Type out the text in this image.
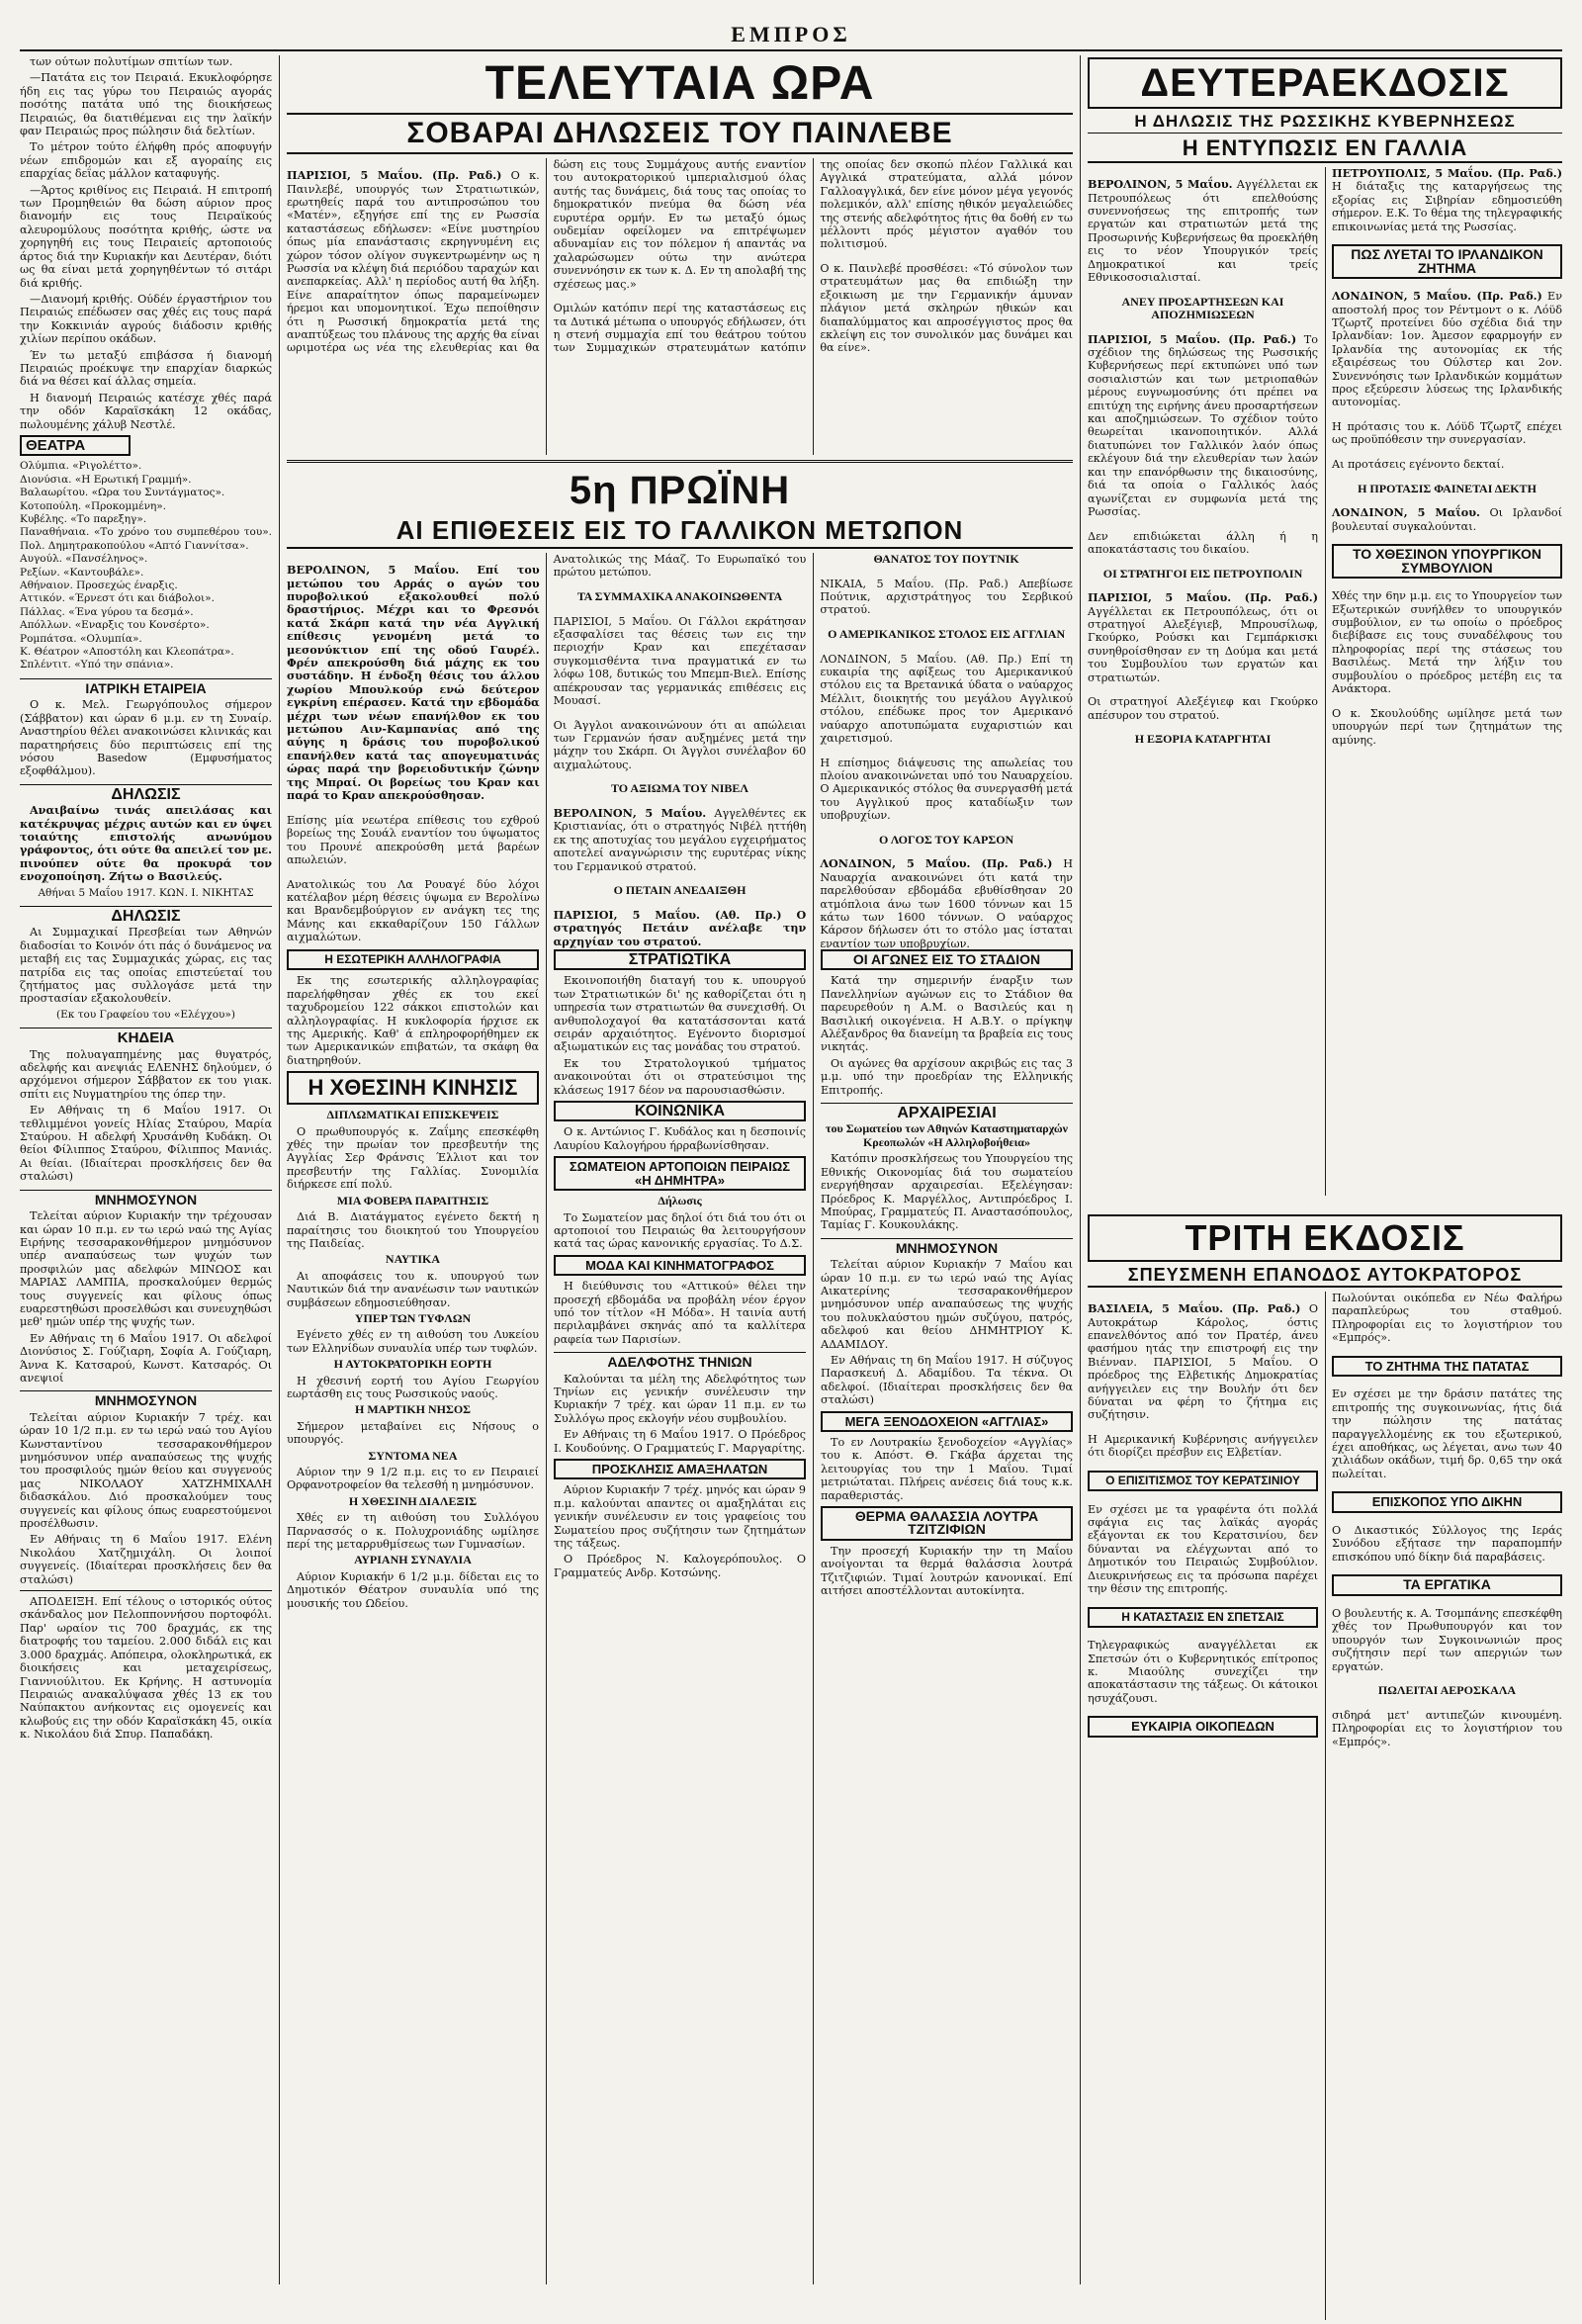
ΕΜΠΡΟΣ

των ούτων πολυτίμων σπιτίων των.

—Πατάτα εις τον Πειραιά. Εκυκλοφόρησε ήδη εις τας γύρω του Πειραιώς αγοράς ποσότης πατάτα υπό της διοικήσεως Πειραιώς, θα διατιθέμεναι εις την λαϊκήν φαν Πειραιώς προς πώλησιν διά δελτίων.

Το μέτρον τούτο έλήφθη πρός αποφυγήν νέων επιδρομών και εξ αγοραίης εις επαρχίας δεΐας μάλλον καταφυγής.

—Άρτος κριθίνος εις Πειραιά. Η επιτροπή των Προμηθειών θα δώση αύριον προς διανομήν εις τους Πειραϊκούς αλευρομύλους ποσότητα κριθής, ώστε να χορηγηθή εις τους Πειραιείς αρτοποιούς άρτος διά την Κυριακήν και Δευτέραν, διότι ως θα είναι μετά χορηγηθέντων τό σιτάρι διά κριθής.

—Διανομή κριθής. Ούδέν έργαστήριον του Πειραιώς επέδωσεν σας χθές εις τους παρά την Κοκκινιάν αγρούς διάδοσιν κριθής χιλίων περίπου οκάδων.

Έν τω μεταξύ επιβάσσα ή διανομή Πειραιώς προέκυψε την επαρχίαν διαρκώς διά να θέσει καί άλλας σημεία.

Η διανομή Πειραιώς κατέσχε χθές παρά την οδόν Καραϊσκάκη 12 οκάδας, πωλουμένης χάλυβ Νεστλέ.

ΘΕΑΤΡΑ
Ολύμπια. «Ριγολέττο».
Διονύσια. «Η Ερωτική Γραμμή».
Βαλαωρίτου. «Ωρα του Συντάγματος».
Κοτοπούλη. «Προκομμένη».
Κυβέλης. «Το παρεξηγ».
Παναθήναια. «Το χρόνο του συμπεθέρου του». Πολ. Δημητρακοπούλου «Απτό Γιαννίτσα».
Αυγούλ. «Πανσέληνος».
Ρεξίων. «Καντουβάλε».
Αθήναιον. Προσεχώς έναρξις.
Αττικόν. «Έρνεστ ότι και διάβολοι».
Πάλλας. «Ένα γύρου τα δεσμά».
Απόλλων. «Εναρξις του Κονσέρτο».
Ρομπάτσα. «Ολυμπία».
Κ. Θέατρον «Αποστόλη και Κλεοπάτρα».
Σπλέντιτ. «Υπό την σπάνια».
ΙΑΤΡΙΚΗ ΕΤΑΙΡΕΙΑ

Ο κ. Μελ. Γεωργόπουλος σήμερον (Σάββατον) και ώραν 6 μ.μ. εν τη Συναίρ. Αναστηρίου θέλει ανακοινώσει κλινικάς και παρατηρήσεις δύο περιπτώσεις επί της νόσου Basedow (Εμφυσήματος εξοφθάλμου).

ΔΗΛΩΣΙΣ

Αναιβαίνω τινάς απειλάσας και κατέκρυψας μέχρις αυτών και εν ύψει τοιαύτης επιστολής ανωνύμου γράφοντος, ότι ούτε θα απειλεί τον με. πινούπεν ούτε θα προκυρά τον ενοχοποίηση. Ζήτω ο Βασιλεύς.

Αθήναι 5 Μαΐου 1917. ΚΩΝ. Ι. ΝΙΚΗΤΑΣ
ΔΗΛΩΣΙΣ

Αι Συμμαχικαί Πρεσβείαι των Αθηνών διαδοσίαι το Κοινόν ότι πάς ό δυνάμενος να μεταβή εις τας Συμμαχικάς χώρας, εις τας πατρίδα εις τας οποίας επιστεύεταί του ζητήματος μας συλλογάσε μετά την προστασίαν εξακολουθείν.

(Εκ του Γραφείου του «Ελέγχου»)
ΚΗΔΕΙΑ

Της πολυαγαπημένης μας θυγατρός, αδελφής και ανεψιάς ΕΛΕΝΗΣ δηλούμεν, ό αρχόμενοι σήμερον Σάββατον εκ του γιακ. σπίτι εις Νυγματηρίου της όπερ την.

Εν Αθήναις τη 6 Μαΐου 1917. Οι τεθλιμμένοι γονείς Ηλίας Σταύρου, Μαρία Σταύρου. Η αδελφή Χρυσάνθη Κυδάκη. Οι θείοι Φίλιππος Σταύρου, Φίλιππος Μανιάς. Αι θείαι. (Ιδιαίτεραι προσκλήσεις δεν θα σταλώσι)

ΜΝΗΜΟΣΥΝΟΝ

Τελείται αύριον Κυριακήν την τρέχουσαν και ώραν 10 π.μ. εν τω ιερώ ναώ της Αγίας Ειρήνης τεσσαρακονθήμερον μνημόσυνον υπέρ αναπαύσεως των ψυχών των προσφιλών μας αδελφών ΜΙΝΩΟΣ και ΜΑΡΙΑΣ ΛΑΜΠΙΑ, προσκαλούμεν θερμώς τους συγγενείς και φίλους όπως ευαρεστηθώσι προσελθώσι και συνευχηθώσι μεθ' ημών υπέρ της ψυχής των.

Εν Αθήναις τη 6 Μαΐου 1917. Οι αδελφοί Διονύσιος Σ. Γούζιαρη, Σοφία Α. Γούζιαρη, Άννα Κ. Κατσαρού, Κωνστ. Κατσαρός. Οι ανεψιοί

ΜΝΗΜΟΣΥΝΟΝ

Τελείται αύριον Κυριακήν 7 τρέχ. και ώραν 10 1/2 π.μ. εν τω ιερώ ναώ του Αγίου Κωνσταντίνου τεσσαρακονθήμερον μνημόσυνον υπέρ αναπαύσεως της ψυχής του προσφιλούς ημών θείου και συγγενούς μας ΝΙΚΟΛΑΟΥ ΧΑΤΖΗΜΙΧΑΛΗ διδασκάλου. Διό προσκαλούμεν τους συγγενείς και φίλους όπως ευαρεστούμενοι προσέλθωσιν.

Εν Αθήναις τη 6 Μαΐου 1917. Ελένη Νικολάου Χατζημιχάλη. Οι λοιποί συγγενείς. (Ιδιαίτεραι προσκλήσεις δεν θα σταλώσι)

ΑΠΟΔΕΙΞΗ. Επί τέλους ο ιστορικός ούτος σκάνδαλος μον Πελοπποννήσου πορτοφόλι. Παρ' ωραίον τις 700 δραχμάς, εκ της διατροφής του ταμείου. 2.000 διδάλ εις και 3.000 δραχμάς. Απόπειρα, ολοκληρωτικά, εκ διοικήσεις και μεταχειρίσεως, Γιαννιούλιτου. Εκ Κρήνης. Η αστυνομία Πειραιώς ανακαλύψασα χθές 13 εκ του Ναύπακτου ανήκοντας εις ομογενείς και κλωβούς εις την οδόν Καραϊσκάκη 45, οικία κ. Νικολάου διά Σπυρ. Παπαδάκη.

ΤΕΛΕΥΤΑΙΑ ΩΡΑ
ΣΟΒΑΡΑΙ ΔΗΛΩΣΕΙΣ ΤΟΥ ΠΑΙΝΛΕΒΕ

ΠΑΡΙΣΙΟΙ, 5 Μαΐου. (Πρ. Ραδ.) Ο κ. Παινλεβέ, υπουργός των Στρατιωτικών, ερωτηθείς παρά του αντιπροσώπου του «Ματέν», εξηγήσε επί της εν Ρωσσία καταστάσεως εδήλωσεν: «Είνε μυστηρίου όπως μία επανάστασις εκρηγνυμένη εις χώρον τόσον ολίγον συγκεντρωμένην ως η Ρωσσία να κλέψη διά περιόδου ταραχών και ανεπαρκείας. Αλλ' η περίοδος αυτή θα λήξη. Είνε απαραίτητον όπως παραμείνωμεν ήρεμοι και υπομονητικοί. Έχω πεποίθησιν ότι η Ρωσσική δημοκρατία μετά της αναπτύξεως του πλάνους της αρχής θα είναι ωριμοτέρα ως νέα της ελευθερίας και θα δώση εις τους Συμμάχους αυτής εναντίον του αυτοκρατορικού ιμπεριαλισμού όλας αυτής τας δυνάμεις, διά τους τας οποίας το δημοκρατικόν πνεύμα θα δώση νέα ευρυτέρα ορμήν. Εν τω μεταξύ όμως ουδεμίαν οφείλομεν να επιτρέψωμεν αδυναμίαν εις τον πόλεμον ή απαντάς να χαλαρώσωμεν ούτω την ανώτερα συνεννόησιν εκ των κ. Δ. Εν τη απολαβή της σχέσεως μας.»

Ομιλών κατόπιν περί της καταστάσεως εις τα Δυτικά μέτωπα ο υπουργός εδήλωσεν, ότι η στενή συμμαχία επί του θεάτρου τούτου των Συμμαχικών στρατευμάτων κατόπιν της οποίας δεν σκοπώ πλέον Γαλλικά και Αγγλικά στρατεύματα, αλλά μόνον Γαλλοαγγλικά, δεν είνε μόνον μέγα γεγονός πολεμικόν, αλλ' επίσης ηθικόν μεγαλειώδες της στενής αδελφότητος ήτις θα δοθή εν τω μέλλοντι πρός μέγιστον αγαθόν του πολιτισμού.

Ο κ. Παινλεβέ προσθέσει: «Τό σύνολον των στρατευμάτων μας θα επιδιώξη την εξοικιωση με την Γερμανικήν άμυναν πλάγιον μετά σκληρών ηθικών και διαπαλύμματος και απροσέγγιστος προς θα εκλείψη εις τον συνολικόν μας δυνάμει και θα είνε».

5η ΠΡΩΪΝΗ
ΑΙ ΕΠΙΘΕΣΕΙΣ ΕΙΣ ΤΟ ΓΑΛΛΙΚΟΝ ΜΕΤΩΠΟΝ

ΒΕΡΟΛΙΝΟΝ, 5 Μαΐου. Επί του μετώπου του Αρράς ο αγών του πυροβολικού εξακολουθεί πολύ δραστήριος. Μέχρι και το Φρεσνόι κατά Σκάρπ κατά την νέα Αγγλική επίθεσις γενομένη μετά το μεσονύκτιον επί της οδού Γαυρέλ. Φρέν απεκρούσθη διά μάχης εκ του συστάδην. Η ένδοξη θέσις του άλλου χωρίου Μπουλκούρ ενώ δεύτερον εγκρίνη επέρασεν. Κατά την εβδομάδα μέχρι των νέων επανήλθον εκ του μετώπου Αιν-Καμπανίας από της αύγης η δράσις του πυροβολικού επανήλθεν κατά τας απογευματινάς ώρας παρά την βορειοδυτικήν ζώνην της Μπραί. Οι βορείως του Κραν και παρά το Κραν απεκρούσθησαν.

Επίσης μία νεωτέρα επίθεσις του εχθρού βορείως της Σουάλ εναντίον του ύψωματος του Προυνέ απεκρούσθη μετά βαρέων απωλειών.

Ανατολικώς του Λα Ρουαγέ δύο λόχοι κατέλαβον μέρη θέσεις ύψωμα εν Βερολίνω και Βρανδεμβούργιον εν ανάγκη τες της Μάνης και εκκαθαρίζουν 150 Γάλλων αιχμαλώτων.

Ανατολικώς της Μάαζ. Το Ευρωπαϊκό του πρώτου μετώπου.

ΤΑ ΣΥΜΜΑΧΙΚΑ ΑΝΑΚΟΙΝΩΘΕΝΤΑ

ΠΑΡΙΣΙΟΙ, 5 Μαΐου. Οι Γάλλοι εκράτησαν εξασφαλίσει τας θέσεις των εις την περιοχήν Κραν και επεχέτασαν συγκομισθέντα τινα πραγματικά εν τω λόφω 108, δυτικώς του Μπεμπ-Βιελ. Επίσης απέκρουσαν τας γερμανικάς επιθέσεις εις Μουασί.

Οι Άγγλοι ανακοινώνουν ότι αι απώλειαι των Γερμανών ήσαν αυξημένες μετά την μάχην του Σκάρπ. Οι Άγγλοι συνέλαβον 60 αιχμαλώτους.

ΤΟ ΑΞΙΩΜΑ ΤΟΥ ΝΙΒΕΛ

ΒΕΡΟΛΙΝΟΝ, 5 Μαΐου. Αγγελθέντες εκ Κριστιανίας, ότι ο στρατηγός Νιβέλ ηττήθη εκ της αποτυχίας του μεγάλου εγχειρήματος αποτελεί αναγνώρισιν της ευρυτέρας νίκης του Γερμανικού στρατού.

Ο ΠΕΤΑΙΝ ΑΝΕΔΑΙΞΘΗ

ΠΑΡΙΣΙΟΙ, 5 Μαΐου. (Αθ. Πρ.) Ο στρατηγός Πετάιν ανέλαβε την αρχηγίαν του στρατού.

ΘΑΝΑΤΟΣ ΤΟΥ ΠΟΥΤΝΙΚ

ΝΙΚΑΙΑ, 5 Μαΐου. (Πρ. Ραδ.) Απεβίωσε Πούτνικ, αρχιστράτηγος του Σερβικού στρατού.

Ο ΑΜΕΡΙΚΑΝΙΚΟΣ ΣΤΟΛΟΣ ΕΙΣ ΑΓΓΛΙΑΝ

ΛΟΝΔΙΝΟΝ, 5 Μαΐου. (Αθ. Πρ.) Επί τη ευκαιρία της αφίξεως του Αμερικανικού στόλου εις τα Βρετανικά ύδατα ο ναύαρχος Μέλλιτ, διοικητής του μεγάλου Αγγλικού στόλου, επέδωκε προς τον Αμερικανό ναύαρχο αποτυπώματα ευχαριστιών και χαιρετισμού.

Η επίσημος διάψευσις της απωλείας του πλοίου ανακοινώνεται υπό του Ναυαρχείου. Ο Αμερικανικός στόλος θα συνεργασθή μετά του Αγγλικού προς καταδίωξιν των υποβρυχίων.

Ο ΛΟΓΟΣ ΤΟΥ ΚΑΡΣΟΝ

ΛΟΝΔΙΝΟΝ, 5 Μαΐου. (Πρ. Ραδ.) Η Ναυαρχία ανακοινώνει ότι κατά την παρελθούσαν εβδομάδα εβυθίσθησαν 20 ατμόπλοια άνω των 1600 τόννων και 15 κάτω των 1600 τόννων. Ο ναύαρχος Κάρσον δήλωσεν ότι το στόλο μας ίσταται εναντίον των υποβρυχίων.

Η ΕΣΩΤΕΡΙΚΗ ΑΛΛΗΛΟΓΡΑΦΙΑ

Εκ της εσωτερικής αλληλογραφίας παρελήφθησαν χθές εκ του εκεί ταχυδρομείου 122 σάκκοι επιστολών και αλληλογραφίας. Η κυκλοφορία ήρχισε εκ της Αμερικής. Καθ' ά επληροφορήθημεν εκ των Αμερικανικών επιβατών, τα σκάφη θα διατηρηθούν.

Η ΧΘΕΣΙΝΗ ΚΙΝΗΣΙΣ
ΔΙΠΛΩΜΑΤΙΚΑΙ ΕΠΙΣΚΕΨΕΙΣ

Ο πρωθυπουργός κ. Ζαΐμης επεσκέφθη χθές την πρωίαν τον πρεσβευτήν της Αγγλίας Σερ Φράνσις Έλλιοτ και τον πρεσβευτήν της Γαλλίας. Συνομιλία διήρκεσε επί πολύ.

ΜΙΑ ΦΟΒΕΡΑ ΠΑΡΑΙΤΗΣΙΣ

Διά Β. Διατάγματος εγένετο δεκτή η παραίτησις του διοικητού του Υπουργείου της Παιδείας.

ΝΑΥΤΙΚΑ

Αι αποφάσεις του κ. υπουργού των Ναυτικών διά την ανανέωσιν των ναυτικών συμβάσεων εδημοσιεύθησαν.

ΥΠΕΡ ΤΩΝ ΤΥΦΛΩΝ

Εγένετο χθές εν τη αιθούση του Λυκείου των Ελληνίδων συναυλία υπέρ των τυφλών.

Η ΑΥΤΟΚΡΑΤΟΡΙΚΗ ΕΟΡΤΗ

Η χθεσινή εορτή του Αγίου Γεωργίου εωρτάσθη εις τους Ρωσσικούς ναούς.

Η ΜΑΡΤΙΚΗ ΝΗΣΟΣ

Σήμερον μεταβαίνει εις Νήσους ο υπουργός.

ΣΥΝΤΟΜΑ ΝΕΑ

Αύριον την 9 1/2 π.μ. εις το εν Πειραιεί Ορφανοτροφείον θα τελεσθή η μνημόσυνον.

Η ΧΘΕΣΙΝΗ ΔΙΑΛΕΞΙΣ

Χθές εν τη αιθούση του Συλλόγου Παρνασσός ο κ. Πολυχρονιάδης ωμίλησε περί της μεταρρυθμίσεως των Γυμνασίων.

ΑΥΡΙΑΝΗ ΣΥΝΑΥΛΙΑ

Αύριον Κυριακήν 6 1/2 μ.μ. δίδεται εις το Δημοτικόν Θέατρον συναυλία υπό της μουσικής του Ωδείου.

ΣΤΡΑΤΙΩΤΙΚΑ

Εκοινοποιήθη διαταγή του κ. υπουργού των Στρατιωτικών δι' ης καθορίζεται ότι η υπηρεσία των στρατιωτών θα συνεχισθή. Οι ανθυπολοχαγοί θα κατατάσσονται κατά σειράν αρχαιότητος. Εγένοντο διορισμοί αξιωματικών εις τας μονάδας του στρατού.

Εκ του Στρατολογικού τμήματος ανακοινούται ότι οι στρατεύσιμοι της κλάσεως 1917 δέον να παρουσιασθώσιν.

ΚΟΙΝΩΝΙΚΑ

Ο κ. Αντώνιος Γ. Κυδάλος και η δεσποινίς Λαυρίου Καλογήρου ήρραβωνίσθησαν.

ΣΩΜΑΤΕΙΟΝ ΑΡΤΟΠΟΙΩΝ ΠΕΙΡΑΙΩΣ «Η ΔΗΜΗΤΡΑ»
Δήλωσις

Το Σωματείον μας δηλοί ότι διά του ότι οι αρτοποιοί του Πειραιώς θα λειτουργήσουν κατά τας ώρας κανονικής εργασίας. Το Δ.Σ.

ΜΟΔΑ ΚΑΙ ΚΙΝΗΜΑΤΟΓΡΑΦΟΣ

Η διεύθυνσις του «Αττικού» θέλει την προσεχή εβδομάδα να προβάλη νέον έργον υπό τον τίτλον «Η Μόδα». Η ταινία αυτή περιλαμβάνει σκηνάς από τα καλλίτερα ραφεία των Παρισίων.

ΑΔΕΛΦΟΤΗΣ ΤΗΝΙΩΝ

Καλούνται τα μέλη της Αδελφότητος των Τηνίων εις γενικήν συνέλευσιν την Κυριακήν 7 τρέχ. και ώραν 11 π.μ. εν τω Συλλόγω προς εκλογήν νέου συμβουλίου.

Εν Αθήναις τη 6 Μαΐου 1917. Ο Πρόεδρος Ι. Κουδούνης. Ο Γραμματεύς Γ. Μαργαρίτης.

ΠΡΟΣΚΛΗΣΙΣ ΑΜΑΞΗΛΑΤΩΝ

Αύριον Κυριακήν 7 τρέχ. μηνός και ώραν 9 π.μ. καλούνται απαντες οι αμαξηλάται εις γενικήν συνέλευσιν εν τοις γραφείοις του Σωματείου προς συζήτησιν των ζητημάτων της τάξεως.

Ο Πρόεδρος Ν. Καλογερόπουλος. Ο Γραμματεύς Ανδρ. Κοτσώνης.

ΟΙ ΑΓΩΝΕΣ ΕΙΣ ΤΟ ΣΤΑΔΙΟΝ

Κατά την σημερινήν έναρξιν των Πανελληνίων αγώνων εις το Στάδιον θα παρευρεθούν η Α.Μ. ο Βασιλεύς και η Βασιλική οικογένεια. Η Α.Β.Υ. ο πρίγκηψ Αλέξανδρος θα διανείμη τα βραβεία εις τους νικητάς.

Οι αγώνες θα αρχίσουν ακριβώς εις τας 3 μ.μ. υπό την προεδρίαν της Ελληνικής Επιτροπής.

ΑΡΧΑΙΡΕΣΙΑΙ
του Σωματείου των Αθηνών Καταστηματαρχών Κρεοπωλών «Η Αλληλοβοήθεια»

Κατόπιν προσκλήσεως του Υπουργείου της Εθνικής Οικονομίας διά του σωματείου ενεργήθησαν αρχαιρεσίαι. Εξελέγησαν: Πρόεδρος Κ. Μαργέλλος, Αντιπρόεδρος Ι. Μπούρας, Γραμματεύς Π. Αναστασόπουλος, Ταμίας Γ. Κουκουλάκης.

ΜΝΗΜΟΣΥΝΟΝ

Τελείται αύριον Κυριακήν 7 Μαΐου και ώραν 10 π.μ. εν τω ιερώ ναώ της Αγίας Αικατερίνης τεσσαρακονθήμερον μνημόσυνον υπέρ αναπαύσεως της ψυχής του πολυκλαύστου ημών συζύγου, πατρός, αδελφού και θείου ΔΗΜΗΤΡΙΟΥ Κ. ΑΔΑΜΙΔΟΥ.

Εν Αθήναις τη 6η Μαΐου 1917. Η σύζυγος Παρασκευή Δ. Αδαμίδου. Τα τέκνα. Οι αδελφοί. (Ιδιαίτεραι προσκλήσεις δεν θα σταλώσι)

ΜΕΓΑ ΞΕΝΟΔΟΧΕΙΟΝ «ΑΓΓΛΙΑΣ»

Το εν Λουτρακίω ξενοδοχείον «Αγγλίας» του κ. Απόστ. Θ. Γκάβα άρχεται της λειτουργίας του την 1 Μαΐου. Τιμαί μετριώταται. Πλήρεις ανέσεις διά τους κ.κ. παραθεριστάς.

ΘΕΡΜΑ ΘΑΛΑΣΣΙΑ ΛΟΥΤΡΑ ΤΖΙΤΖΙΦΙΩΝ

Την προσεχή Κυριακήν την τη Μαΐου ανοίγονται τα θερμά θαλάσσια λουτρά Τζιτζιφιών. Τιμαί λουτρών κανονικαί. Επί αιτήσει αποστέλλονται αυτοκίνητα.

ΔΕΥΤΕΡΑΕΚΔΟΣΙΣ
Η ΔΗΛΩΣΙΣ ΤΗΣ ΡΩΣΣΙΚΗΣ ΚΥΒΕΡΝΗΣΕΩΣ
Η ΕΝΤΥΠΩΣΙΣ ΕΝ ΓΑΛΛΙΑ

ΒΕΡΟΛΙΝΟΝ, 5 Μαΐου. Αγγέλλεται εκ Πετρουπόλεως ότι επελθούσης συνεννοήσεως της επιτροπής των εργατών και στρατιωτών μετά της Προσωρινής Κυβερνήσεως θα προεκλήθη εις το νέον Υπουργικόν τρείς Δημοκρατικοί και τρείς Εθνικοσοσιαλισταί.

ΑΝΕΥ ΠΡΟΣΑΡΤΗΣΕΩΝ ΚΑΙ ΑΠΟΖΗΜΙΩΣΕΩΝ

ΠΑΡΙΣΙΟΙ, 5 Μαΐου. (Πρ. Ραδ.) Το σχέδιον της δηλώσεως της Ρωσσικής Κυβερνήσεως περί εκτυπώνει υπό των σοσιαλιστών και των μετριοπαθών μέρους ευγνωμοσύνης ότι πρέπει να επιτύχη της ειρήνης άνευ προσαρτήσεων και αποζημιώσεων. Το σχέδιον τούτο θεωρείται ικανοποιητικόν. Αλλά διατυπώνει τον Γαλλικόν λαόν όπως εκλέγουν διά την ελευθερίαν των λαών και την επανόρθωσιν της δικαιοσύνης, διά τα οποία ο Γαλλικός λαός αγωνίζεται εν συμφωνία μετά της Ρωσσίας.

Δεν επιδιώκεται άλλη ή η αποκατάστασις του δικαίου.

ΟΙ ΣΤΡΑΤΗΓΟΙ ΕΙΣ ΠΕΤΡΟΥΠΟΛΙΝ

ΠΑΡΙΣΙΟΙ, 5 Μαΐου. (Πρ. Ραδ.) Αγγέλλεται εκ Πετρουπόλεως, ότι οι στρατηγοί Αλεξέγιεβ, Μπρουσίλωφ, Γκούρκο, Ρούσκι και Γεμπάρκισκι συνηθροίσθησαν εν τη Δούμα και μετά του Συμβουλίου των εργατών και στρατιωτών.

Οι στρατηγοί Αλεξέγιεφ και Γκούρκο απέσυρον του στρατού.

Η ΕΞΟΡΙΑ ΚΑΤΑΡΓΗΤΑΙ

ΠΕΤΡΟΥΠΟΛΙΣ, 5 Μαΐου. (Πρ. Ραδ.) Η διάταξις της καταργήσεως της εξορίας εις Σιβηρίαν εδημοσιεύθη σήμερον. Ε.Κ. Το θέμα της τηλεγραφικής επικοινωνίας μετά της Ρωσσίας.

ΠΩΣ ΛΥΕΤΑΙ ΤΟ ΙΡΛΑΝΔΙΚΟΝ ΖΗΤΗΜΑ

ΛΟΝΔΙΝΟΝ, 5 Μαΐου. (Πρ. Ραδ.) Εν αποστολή προς τον Ρέντμοντ ο κ. Λόϋδ Τζωρτζ προτείνει δύο σχέδια διά την Ιρλανδίαν: 1ον. Άμεσον εφαρμογήν εν Ιρλανδία της αυτονομίας εκ τής εξαιρέσεως του Ούλστερ και 2ον. Συνεννόησις των Ιρλανδικών κομμάτων προς εξεύρεσιν λύσεως της Ιρλανδικής αυτονομίας.

Η πρότασις του κ. Λόϋδ Τζωρτζ επέχει ως προϋπόθεσιν την συνεργασίαν.

Αι προτάσεις εγένοντο δεκταί.

Η ΠΡΟΤΑΣΙΣ ΦΑΙΝΕΤΑΙ ΔΕΚΤΗ

ΛΟΝΔΙΝΟΝ, 5 Μαΐου. Οι Ιρλανδοί βουλευταί συγκαλούνται.

ΤΟ ΧΘΕΣΙΝΟΝ ΥΠΟΥΡΓΙΚΟΝ ΣΥΜΒΟΥΛΙΟΝ

Χθές την 6ην μ.μ. εις το Υπουργείον των Εξωτερικών συνήλθεν το υπουργικόν συμβούλιον, εν τω οποίω ο πρόεδρος διεβίβασε εις τους συναδέλφους του πληροφορίας περί της στάσεως του Βασιλέως. Μετά την λήξιν του συμβουλίου ο πρόεδρος μετέβη εις τα Ανάκτορα.

Ο κ. Σκουλούδης ωμίλησε μετά των υπουργών περί των ζητημάτων της αμύνης.

ΤΡΙΤΗ ΕΚΔΟΣΙΣ
ΣΠΕΥΣΜΕΝΗ ΕΠΑΝΟΔΟΣ ΑΥΤΟΚΡΑΤΟΡΟΣ

ΒΑΣΙΛΕΙΑ, 5 Μαΐου. (Πρ. Ραδ.) Ο Αυτοκράτωρ Κάρολος, όστις επανελθόντος από τον Πρατέρ, άνευ φασήμου ητάς την επιστροφή εις την Βιένναν. ΠΑΡΙΣΙΟΙ, 5 Μαΐου. Ο πρόεδρος της Ελβετικής Δημοκρατίας ανήγγειλεν εις την Βουλήν ότι δεν δύναται να φέρη το ζήτημα εις συζήτησιν.

Η Αμερικανική Κυβέρνησις ανήγγειλεν ότι διορίζει πρέσβυν εις Ελβετίαν.

Ο ΕΠΙΣΙΤΙΣΜΟΣ ΤΟΥ ΚΕΡΑΤΣΙΝΙΟΥ

Εν σχέσει με τα γραφέντα ότι πολλά σφάγια εις τας λαϊκάς αγοράς εξάγονται εκ του Κερατσινίου, δεν δύνανται να ελέγχωνται από το Δημοτικόν του Πειραιώς Συμβούλιον. Διευκρινήσεως εις τα πρόσωπα παρέχει την θέσιν της επιτροπής.

Η ΚΑΤΑΣΤΑΣΙΣ ΕΝ ΣΠΕΤΣΑΙΣ

Τηλεγραφικώς αναγγέλλεται εκ Σπετσών ότι ο Κυβερνητικός επίτροπος κ. Μιαούλης συνεχίζει την αποκατάστασιν της τάξεως. Οι κάτοικοι ησυχάζουσι.

ΕΥΚΑΙΡΙΑ ΟΙΚΟΠΕΔΩΝ

Πωλούνται οικόπεδα εν Νέω Φαλήρω παραπλεύρως του σταθμού. Πληροφορίαι εις το λογιστήριον του «Εμπρός».

ΤΟ ΖΗΤΗΜΑ ΤΗΣ ΠΑΤΑΤΑΣ

Εν σχέσει με την δράσιν πατάτες της επιτροπής της συγκοινωνίας, ήτις διά την πώλησιν της πατάτας παραγγελλομένης εκ του εξωτερικού, έχει αποθήκας, ως λέγεται, ανω των 40 χιλιάδων οκάδων, τιμή δρ. 0,65 την οκά πωλείται.

ΕΠΙΣΚΟΠΟΣ ΥΠΟ ΔΙΚΗΝ

Ο Δικαστικός Σύλλογος της Ιεράς Συνόδου εξήτασε την παραπομπήν επισκόπου υπό δίκην διά παραβάσεις.

ΤΑ ΕΡΓΑΤΙΚΑ

Ο βουλευτής κ. Α. Τσομπάνης επεσκέφθη χθές τον Πρωθυπουργόν και τον υπουργόν των Συγκοινωνιών προς συζήτησιν περί των απεργιών των εργατών.

ΠΩΛΕΙΤΑΙ ΑΕΡΟΣΚΑΛΑ

σιδηρά μετ' αντιπεζών κινουμένη. Πληροφορίαι εις το λογιστήριον του «Εμπρός».
